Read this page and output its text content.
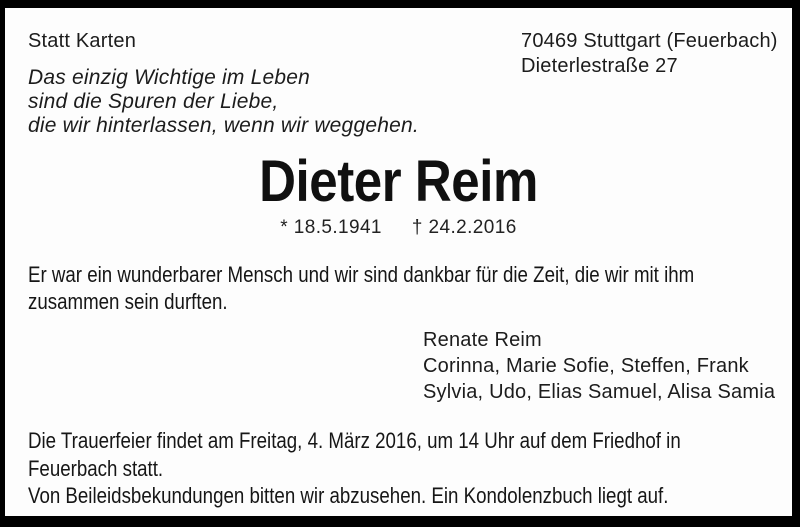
Statt Karten	70469 Stuttgart (Feuerbach)
Dieterlestraße 27
Das einzig Wichtige im Leben
sind die Spuren der Liebe,
die wir hinterlassen, wenn wir weggehen.
Dieter Reim
* 18.5.1941 † 24.2.2016
Er war ein wunderbarer Mensch und wir sind dankbar für die Zeit, die wir mit ihm
zusammen sein durften.
Renate Reim
Corinna, Marie Sofie, Steffen, Frank
Sylvia, Udo, Elias Samuel, Alisa Samia
Die Trauerfeier findet am Freitag, 4. März 2016, um 14 Uhr auf dem Friedhof in
Feuerbach statt.
Von Beileidsbekundungen bitten wir abzusehen. Ein Kondolenzbuch liegt auf.
